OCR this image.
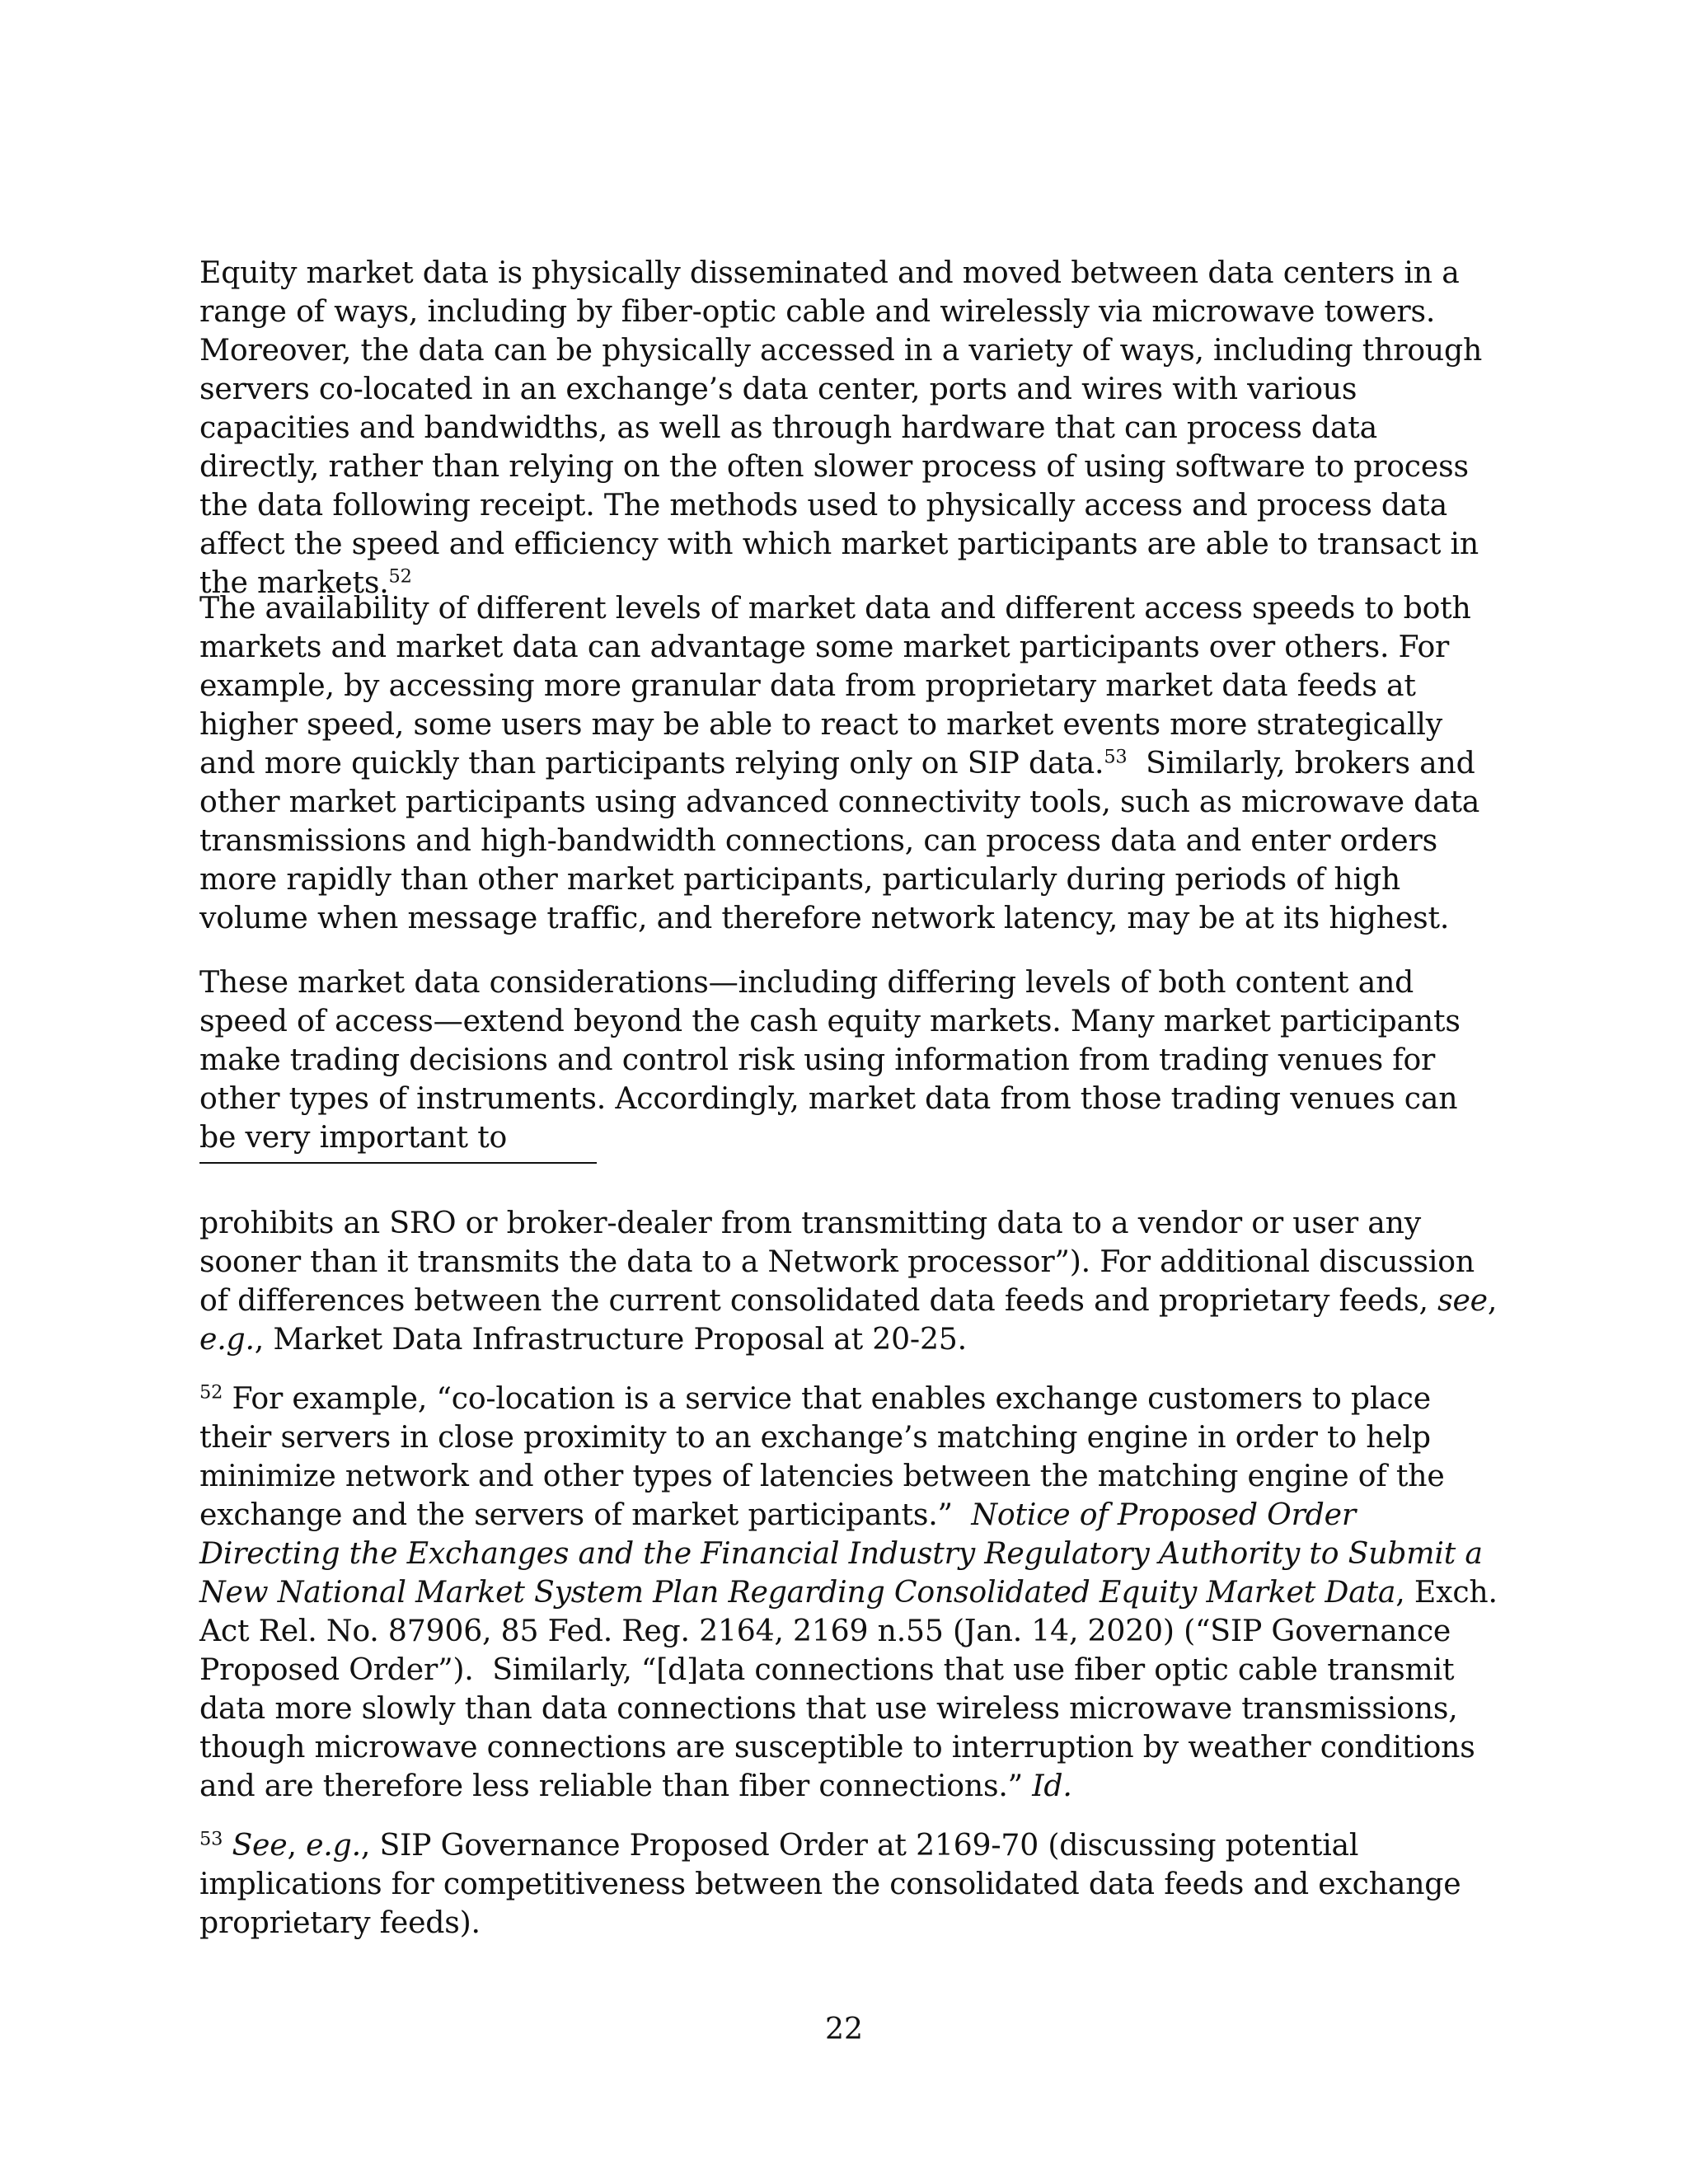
Equity market data is physically disseminated and moved between data centers in a range of ways, including by fiber-optic cable and wirelessly via microwave towers. Moreover, the data can be physically accessed in a variety of ways, including through servers co-located in an exchange’s data center, ports and wires with various capacities and bandwidths, as well as through hardware that can process data directly, rather than relying on the often slower process of using software to process the data following receipt. The methods used to physically access and process data affect the speed and efficiency with which market participants are able to transact in the markets.$^{52}$

The availability of different levels of market data and different access speeds to both markets and market data can advantage some market participants over others. For example, by accessing more granular data from proprietary market data feeds at higher speed, some users may be able to react to market events more strategically and more quickly than participants relying only on SIP data.$^{53}$  Similarly, brokers and other market participants using advanced connectivity tools, such as microwave data transmissions and high-bandwidth connections, can process data and enter orders more rapidly than other market participants, particularly during periods of high volume when message traffic, and therefore network latency, may be at its highest.

These market data considerations—including differing levels of both content and speed of access—extend beyond the cash equity markets. Many market participants make trading decisions and control risk using information from trading venues for other types of instruments. Accordingly, market data from those trading venues can be very important to

prohibits an SRO or broker-dealer from transmitting data to a vendor or user any sooner than it transmits the data to a Network processor”). For additional discussion of differences between the current consolidated data feeds and proprietary feeds, see, e.g., Market Data Infrastructure Proposal at 20-25.

$^{52}$ For example, “co-location is a service that enables exchange customers to place their servers in close proximity to an exchange’s matching engine in order to help minimize network and other types of latencies between the matching engine of the exchange and the servers of market participants.”  Notice of Proposed Order Directing the Exchanges and the Financial Industry Regulatory Authority to Submit a New National Market System Plan Regarding Consolidated Equity Market Data, Exch. Act Rel. No. 87906, 85 Fed. Reg. 2164, 2169 n.55 (Jan. 14, 2020) (“SIP Governance Proposed Order”).  Similarly, “[d]ata connections that use fiber optic cable transmit data more slowly than data connections that use wireless microwave transmissions, though microwave connections are susceptible to interruption by weather conditions and are therefore less reliable than fiber connections.” Id.

$^{53}$ See, e.g., SIP Governance Proposed Order at 2169-70 (discussing potential implications for competitiveness between the consolidated data feeds and exchange proprietary feeds).

22
